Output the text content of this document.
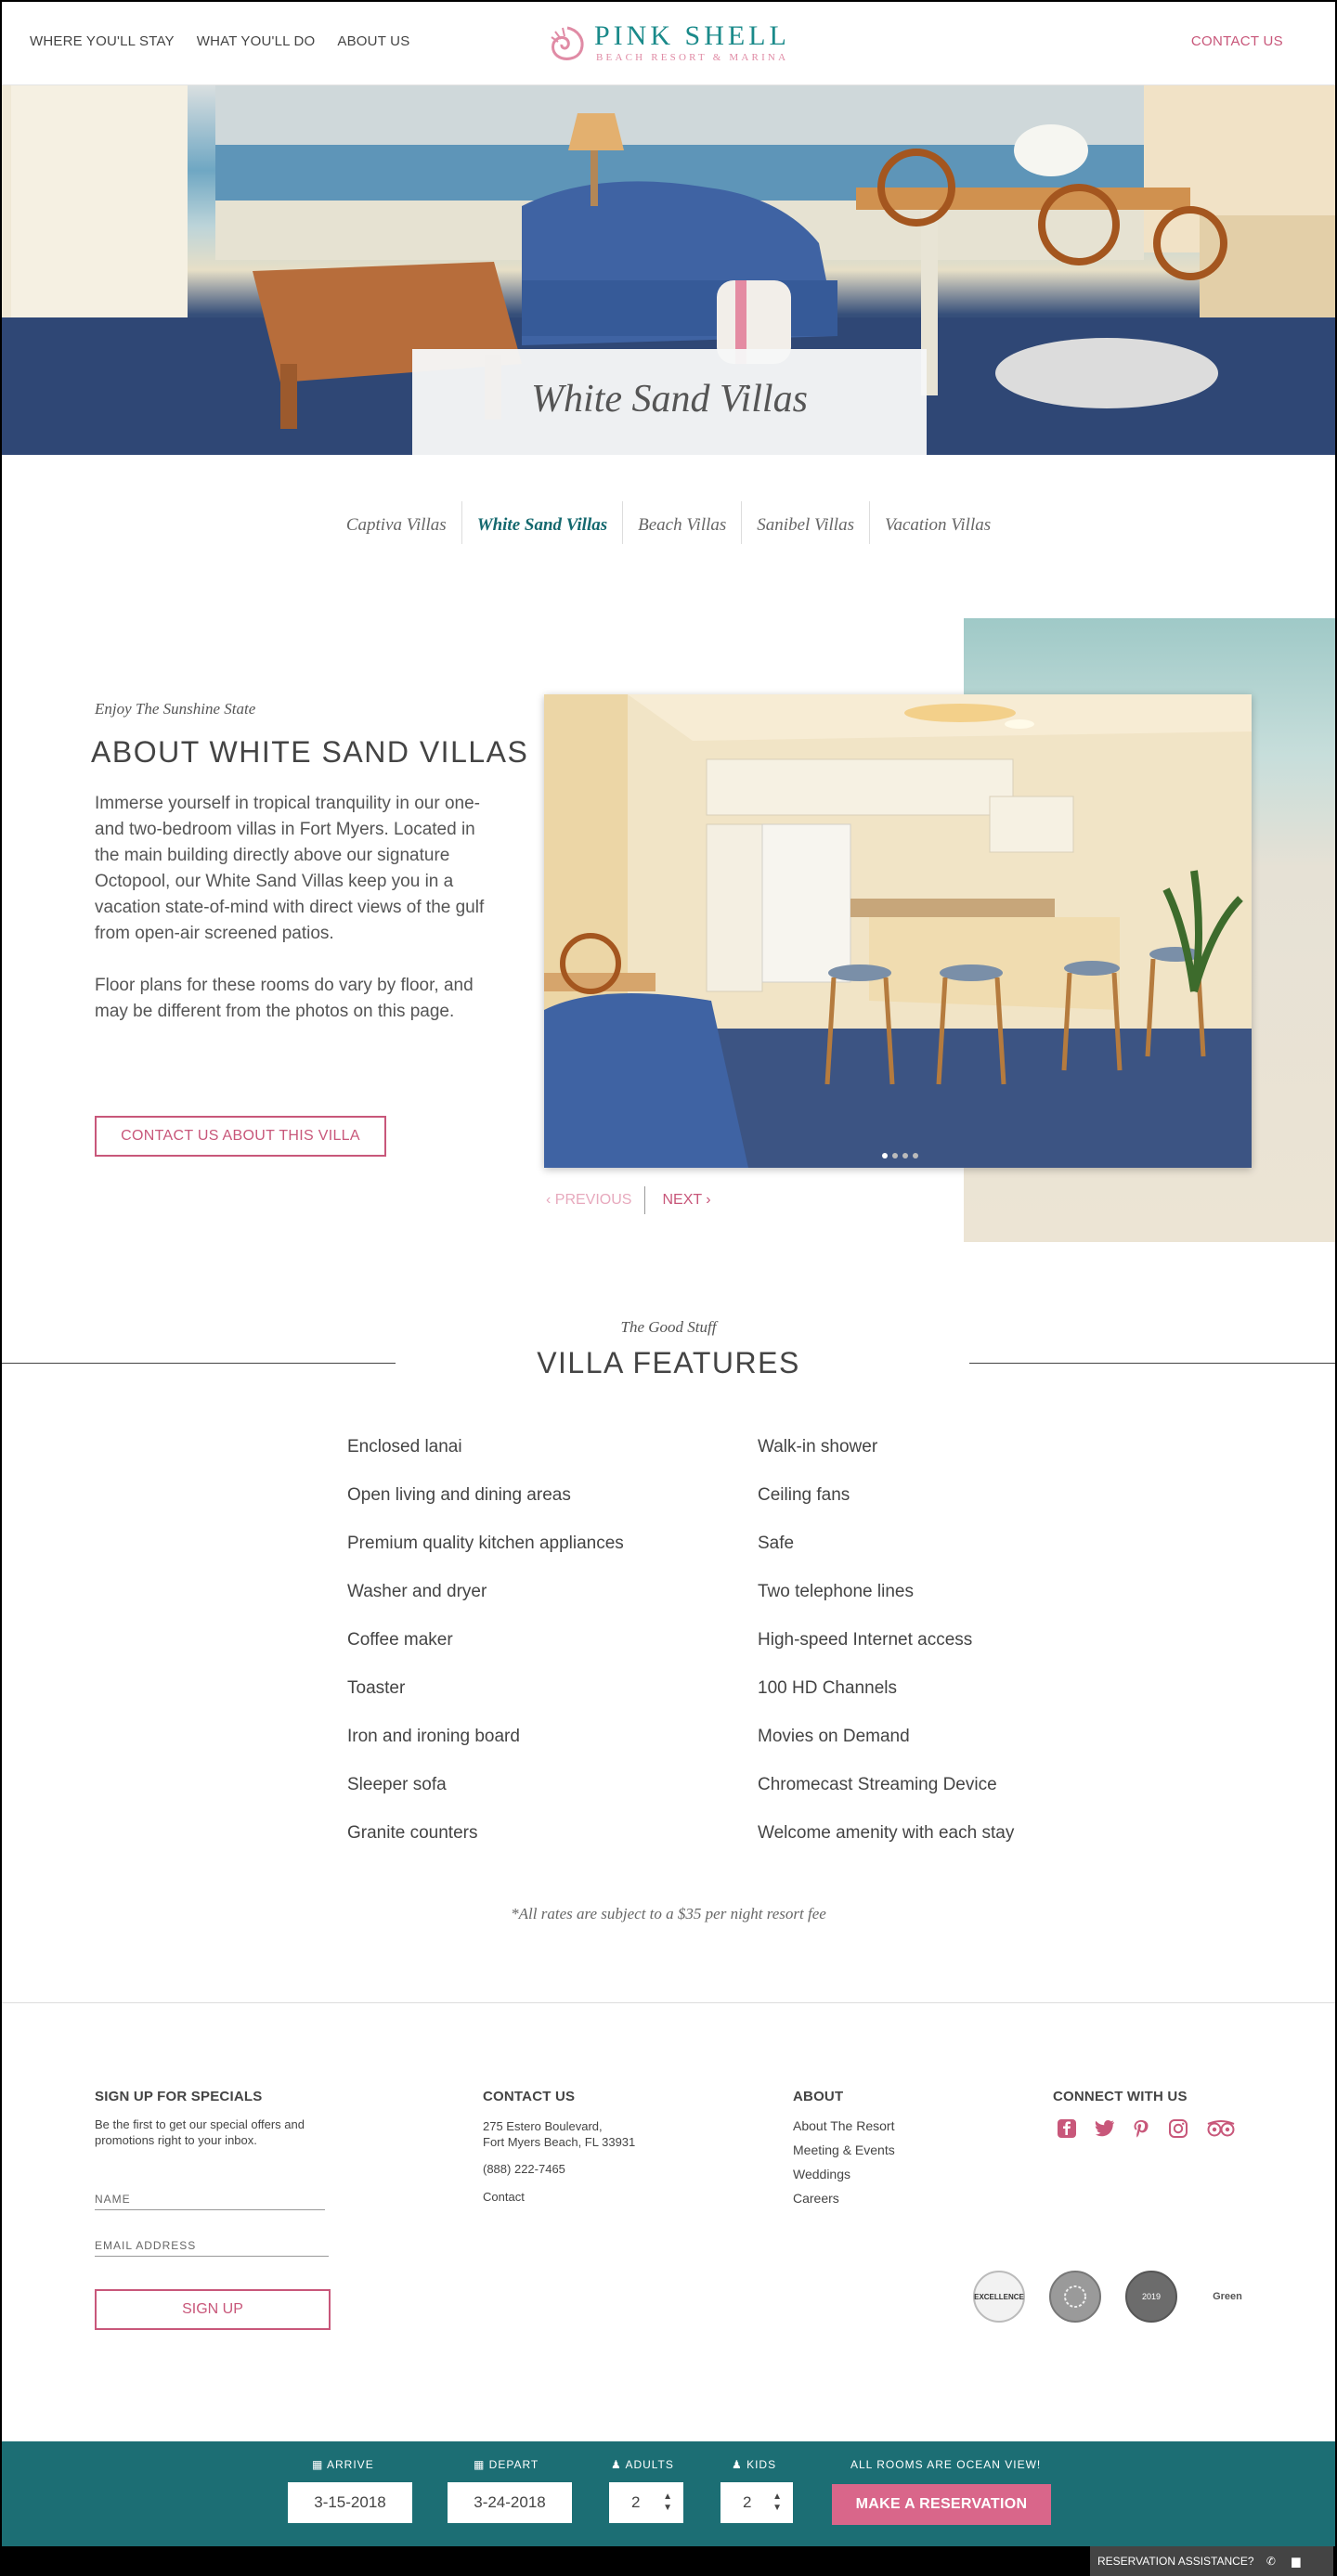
WHERE YOU'LL STAY WHAT YOU'LL DO ABOUT US	PINK SHELL
BEACH RESORT & MARINA
CONTACT US
White Sand Villas
Captiva Villas	White Sand Villas	Beach Villas	Sanibel Villas	Vacation Villas
Enjoy The Sunshine State
ABOUT WHITE SAND VILLAS

Immerse yourself in tropical tranquility in our one- and two-bedroom villas in Fort Myers. Located in the main building directly above our signature Octopool, our White Sand Villas keep you in a vacation state-of-mind with direct views of the gulf from open-air screened patios.

Floor plans for these rooms do vary by floor, and may be different from the photos on this page.

CONTACT US ABOUT THIS VILLA
‹ PREVIOUS	NEXT ›
The Good Stuff
VILLA FEATURES
Enclosed lanai
Open living and dining areas
Premium quality kitchen appliances
Washer and dryer
Coffee maker
Toaster
Iron and ironing board
Sleeper sofa
Granite counters
Walk-in shower
Ceiling fans
Safe
Two telephone lines
High-speed Internet access
100 HD Channels
Movies on Demand
Chromecast Streaming Device
Welcome amenity with each stay
*All rates are subject to a $35 per night resort fee
SIGN UP FOR SPECIALS
Be the first to get our special offers and promotions right to your inbox.
NAME
EMAIL ADDRESS
SIGN UP
CONTACT US
275 Estero Boulevard,
Fort Myers Beach, FL 33931
(888) 222-7465
Contact
ABOUT
About The Resort
Meeting & Events
Weddings
Careers
CONNECT WITH US
EXCELLENCE	2019	Green
▦ ARRIVE
3-15-2018
▦ DEPART
3-24-2018
♟ ADULTS
2 ▲
▼
♟ KIDS
2 ▲
▼
ALL ROOMS ARE OCEAN VIEW!
MAKE A RESERVATION
RESERVATION ASSISTANCE? ✆ ▆
